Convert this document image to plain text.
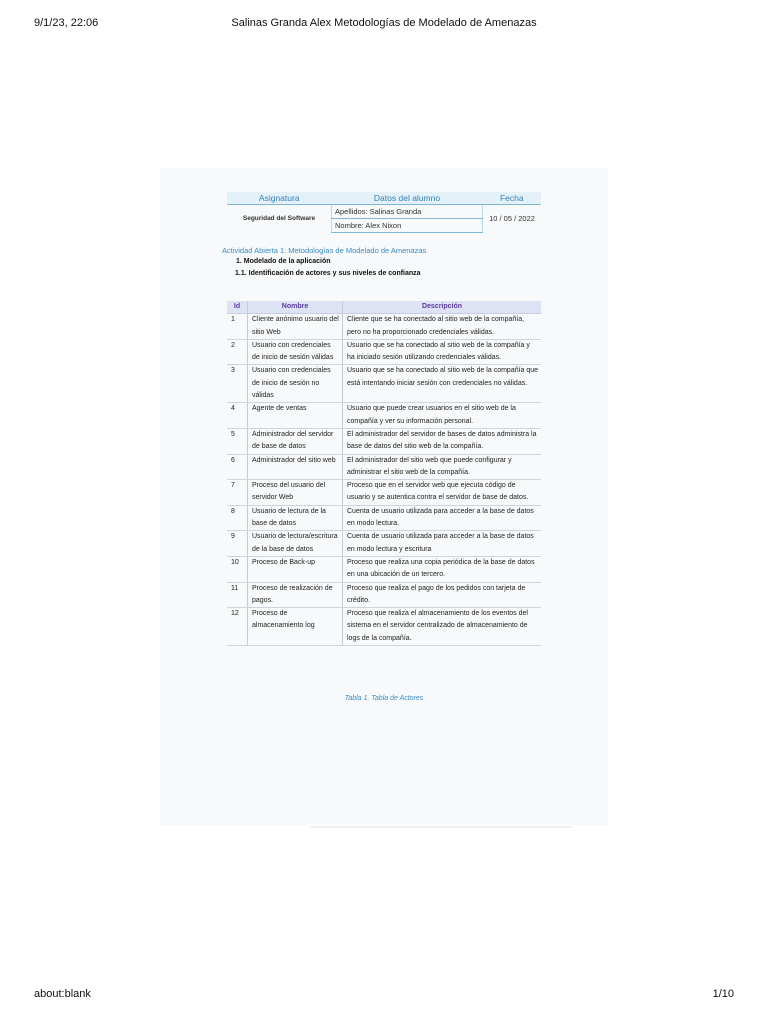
9/1/23, 22:06	Salinas Granda Alex Metodologías de Modelado de Amenazas
Asignatura	Datos del alumno	Fecha
Seguridad del Software	Apellidos: Salinas Granda	10 / 05 / 2022
	Nombre: Alex Nixon	
Actividad Abierta 1: Metodologías de Modelado de Amenazas
1. Modelado de la aplicación
1.1. Identificación de actores y sus niveles de confianza
Id	Nombre	Descripción
1	Cliente anónimo usuario del sitio Web	Cliente que se ha conectado al sitio web de la compañía, pero no ha proporcionado credenciales válidas.
2	Usuario con credenciales de inicio de sesión válidas	Usuario que se ha conectado al sitio web de la compañía y ha iniciado sesión utilizando credenciales válidas.
3	Usuario con credenciales de inicio de sesión no válidas	Usuario que se ha conectado al sitio web de la compañía que está intentando iniciar sesión con credenciales no válidas.
4	Agente de ventas	Usuario que puede crear usuarios en el sitio web de la compañía y ver su información personal.
5	Administrador del servidor de base de datos	El administrador del servidor de bases de datos administra la base de datos del sitio web de la compañía.
6	Administrador del sitio web	El administrador del sitio web que puede configurar y administrar el sitio web de la compañía.
7	Proceso del usuario del servidor Web	Proceso que en el servidor web que ejecuta código de usuario y se autentica contra el servidor de base de datos.
8	Usuario de lectura de la base de datos	Cuenta de usuario utilizada para acceder a la base de datos en modo lectura.
9	Usuario de lectura/escritura de la base de datos	Cuenta de usuario utilizada para acceder a la base de datos en modo lectura y escritura
10	Proceso de Back-up	Proceso que realiza una copia periódica de la base de datos en una ubicación de un tercero.
11	Proceso de realización de pagos.	Proceso que realiza el pago de los pedidos con tarjeta de crédito.
12	Proceso de almacenamiento log	Proceso que realiza el almacenamiento de los eventos del sistema en el servidor centralizado de almacenamiento de logs de la compañía.
Tabla 1. Tabla de Actores
about:blank	1/10
